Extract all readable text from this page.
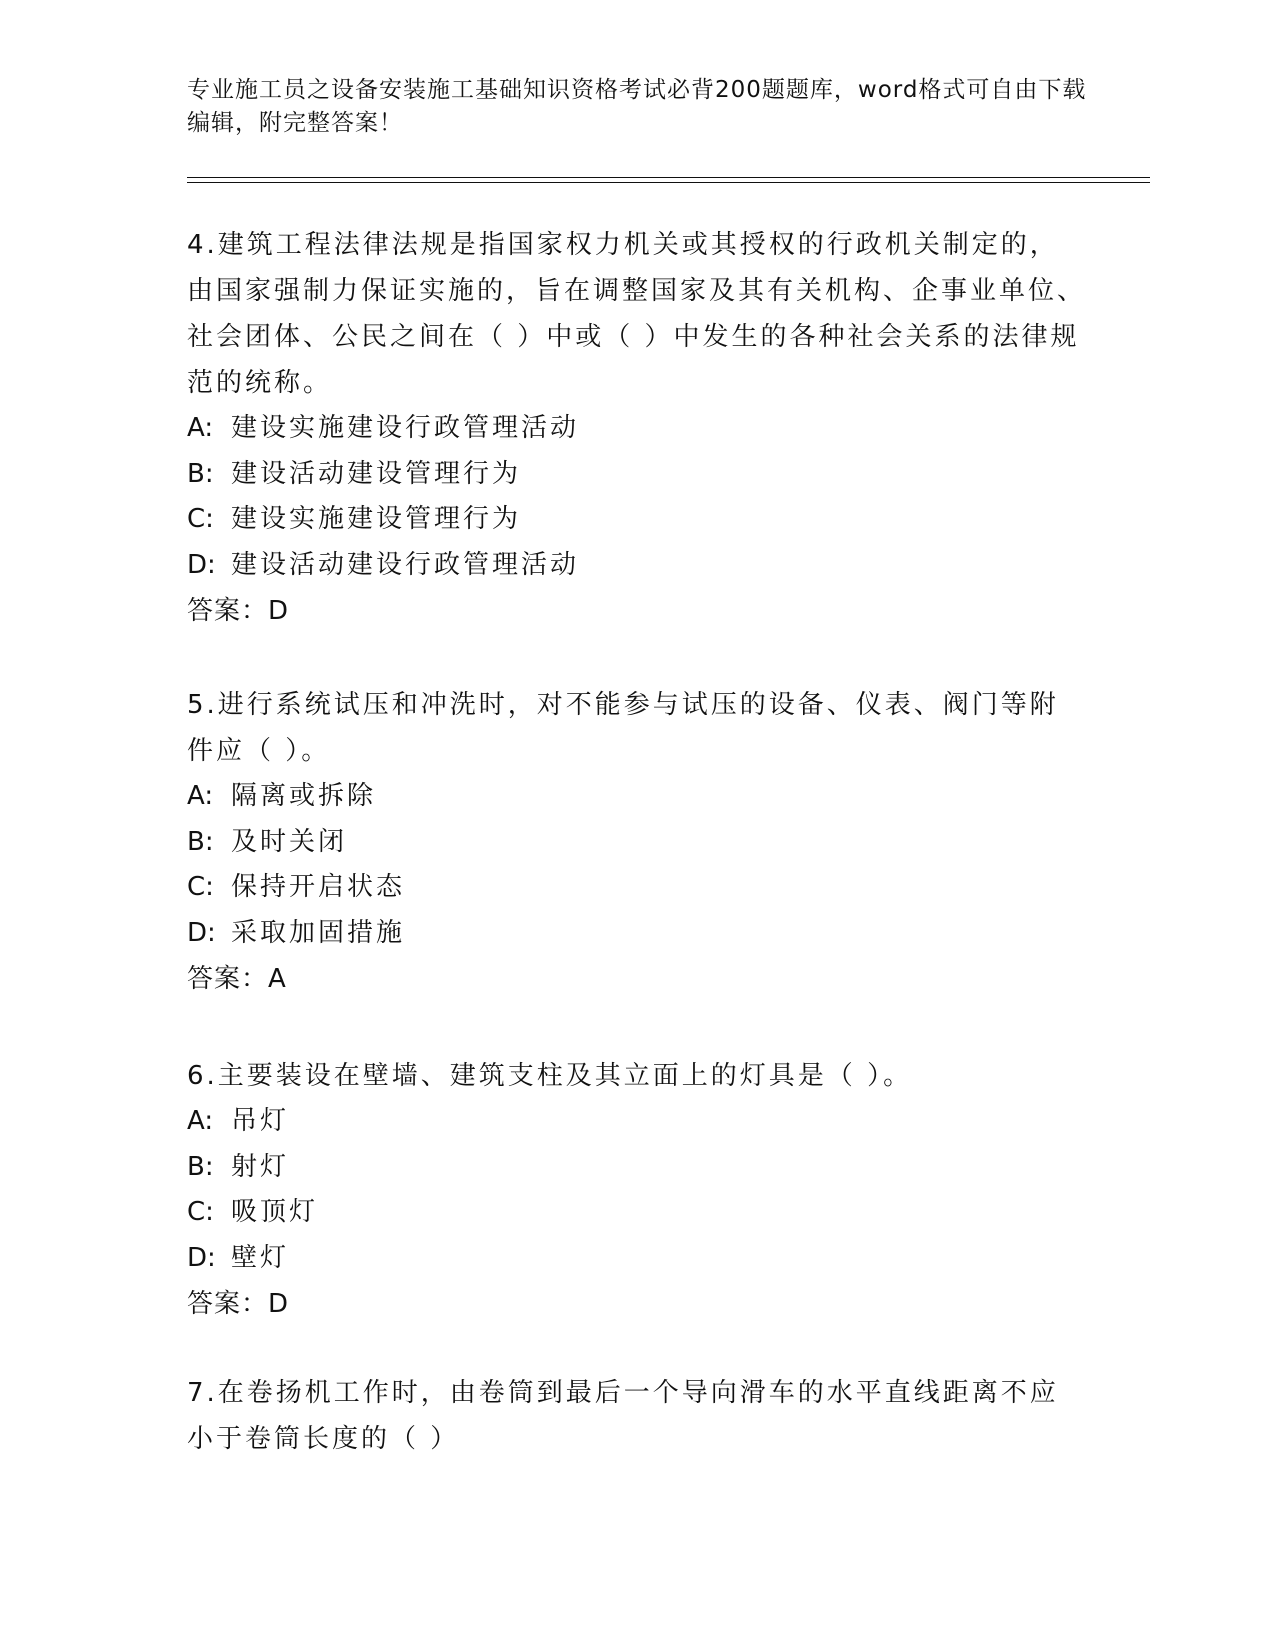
专业施工员之设备安装施工基础知识资格考试必背200题题库，word格式可自由下载编辑，附完整答案！

4.建筑工程法律法规是指国家权力机关或其授权的行政机关制定的，由国家强制力保证实施的，旨在调整国家及其有关机构、企事业单位、社会团体、公民之间在（ ）中或（ ）中发生的各种社会关系的法律规范的统称。

A: 建设实施建设行政管理活动

B: 建设活动建设管理行为

C: 建设实施建设管理行为

D: 建设活动建设行政管理活动

答案：D

5.进行系统试压和冲洗时，对不能参与试压的设备、仪表、阀门等附件应（ ）。

A: 隔离或拆除

B: 及时关闭

C: 保持开启状态

D: 采取加固措施

答案：A

6.主要装设在壁墙、建筑支柱及其立面上的灯具是（ ）。

A: 吊灯

B: 射灯

C: 吸顶灯

D: 壁灯

答案：D

7.在卷扬机工作时，由卷筒到最后一个导向滑车的水平直线距离不应小于卷筒长度的（ ）
